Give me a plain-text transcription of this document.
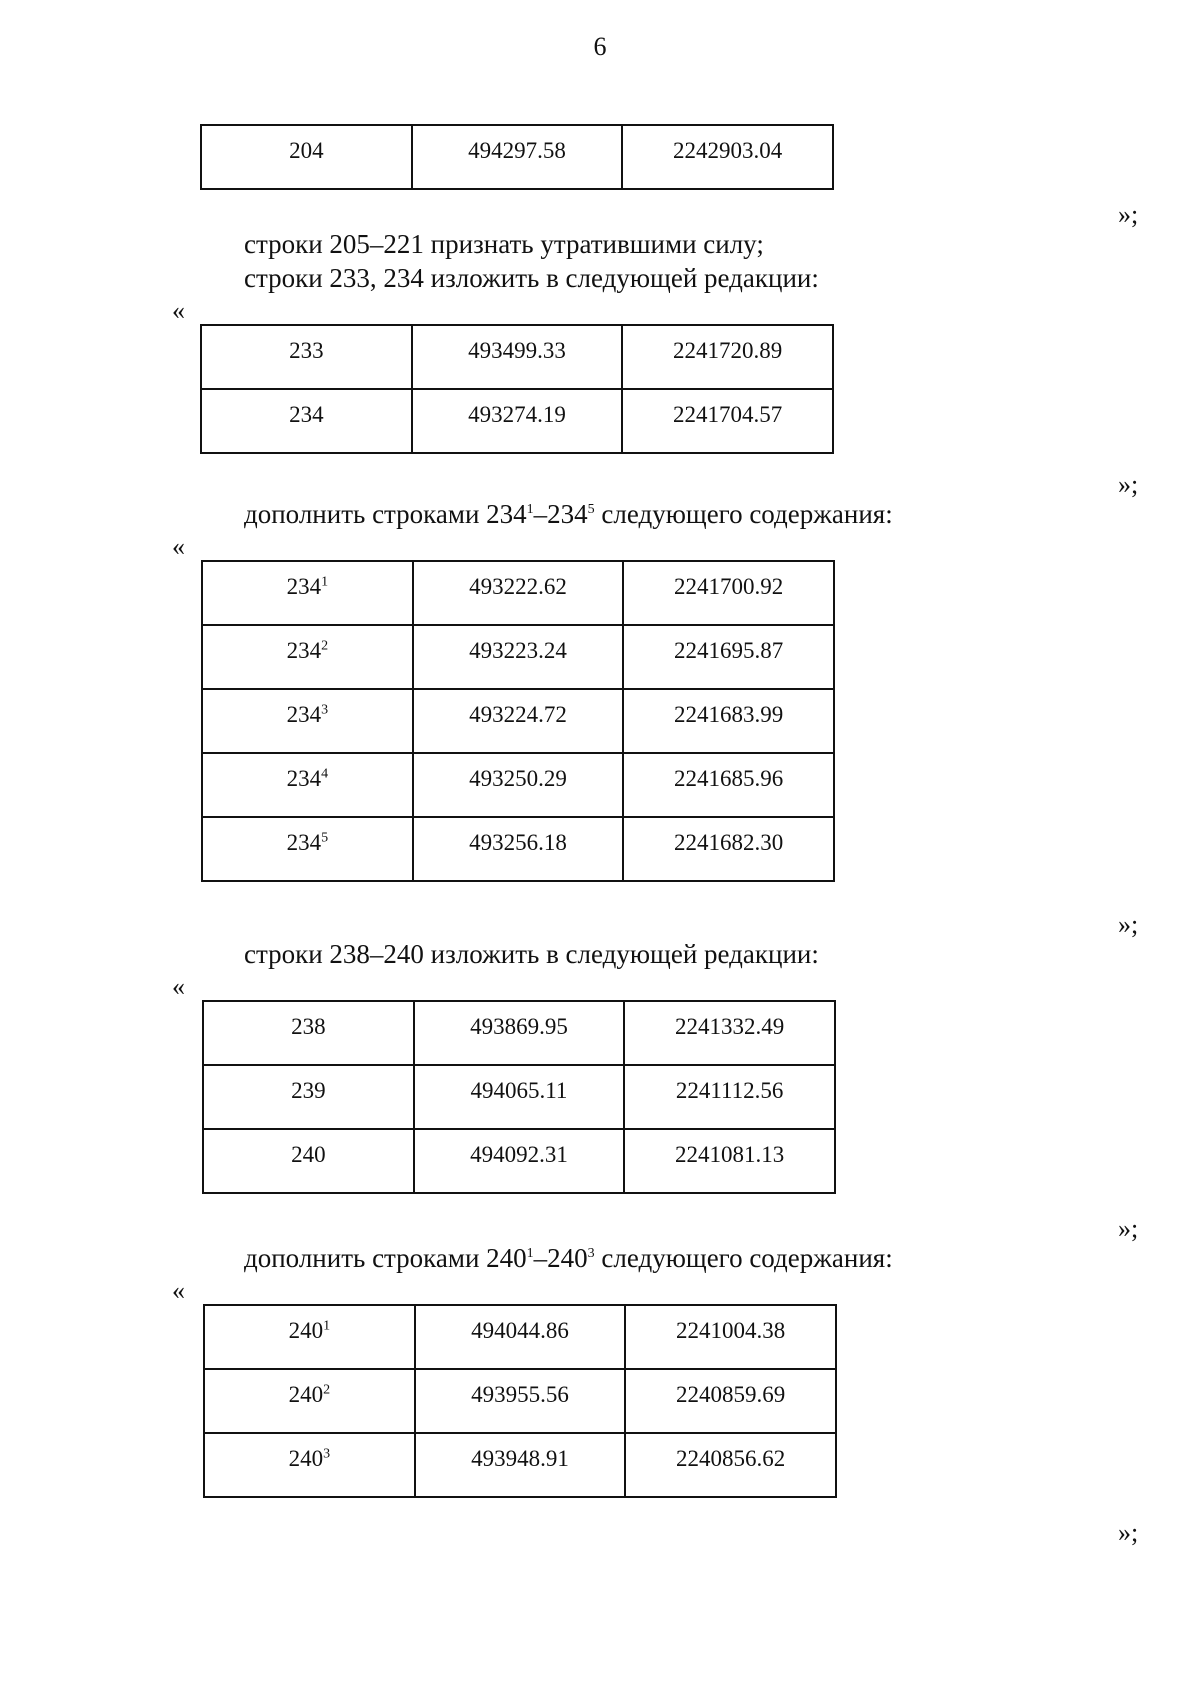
6
204	494297.58	2242903.04
»;
строки 205–221 признать утратившими силу;
строки 233, 234 изложить в следующей редакции:
«
233	493499.33	2241720.89
234	493274.19	2241704.57
»;
дополнить строками $234^1-234^5$ следующего содержания:
«
$234^1$	493222.62	2241700.92
$234^2$	493223.24	2241695.87
$234^3$	493224.72	2241683.99
$234^4$	493250.29	2241685.96
$234^5$	493256.18	2241682.30
»;
строки 238–240 изложить в следующей редакции:
«
238	493869.95	2241332.49
239	494065.11	2241112.56
240	494092.31	2241081.13
»;
дополнить строками $240^1-240^3$ следующего содержания:
«
$240^1$	494044.86	2241004.38
$240^2$	493955.56	2240859.69
$240^3$	493948.91	2240856.62
»;
